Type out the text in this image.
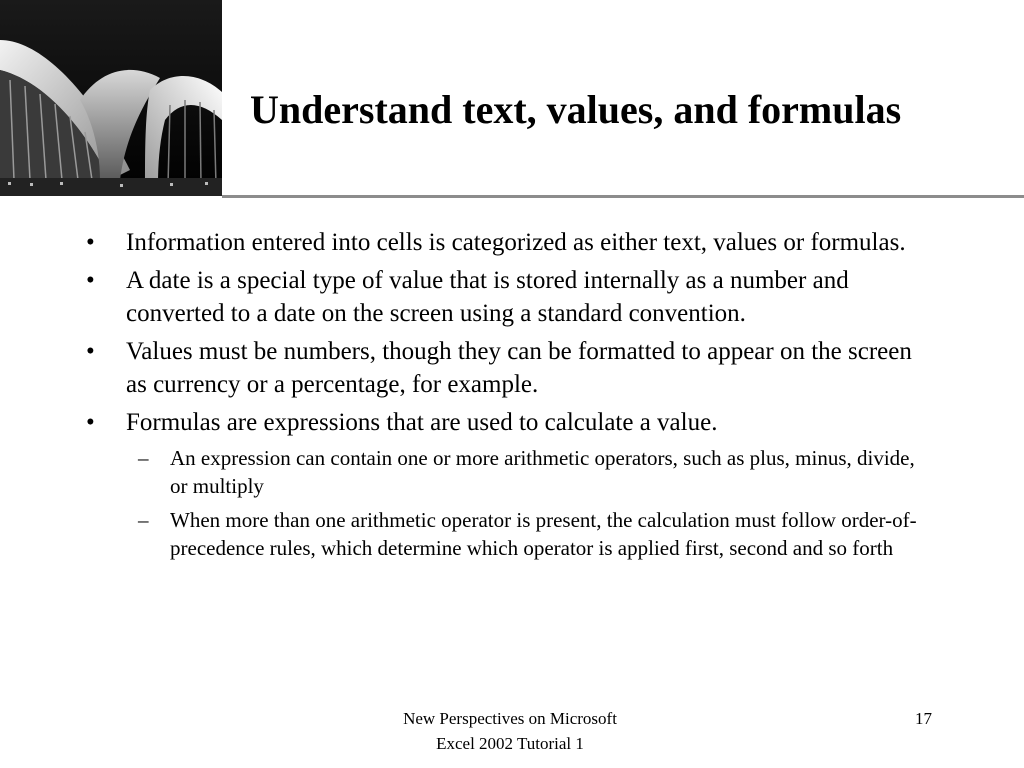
Understand text, values, and formulas
• Information entered into cells is categorized as either text, values or formulas.
• A date is a special type of value that is stored internally as a number and converted to a date on the screen using a standard convention.
• Values must be numbers, though they can be formatted to appear on the screen as currency or a percentage, for example.
• Formulas are expressions that are used to calculate a value.
– An expression can contain one or more arithmetic operators, such as plus, minus, divide, or multiply
– When more than one arithmetic operator is present, the calculation must follow order-of-precedence rules, which determine which operator is applied first, second and so forth
New Perspectives on Microsoft
Excel 2002 Tutorial 1
17
